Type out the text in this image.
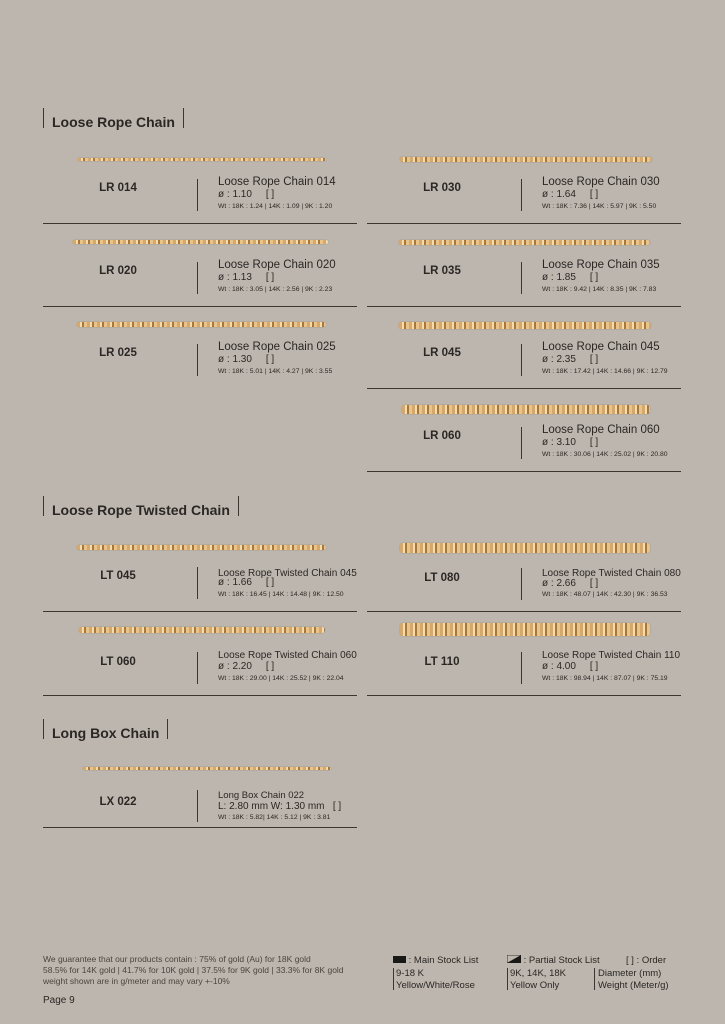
Loose Rope Chain
Loose Rope Twisted Chain
Long Box Chain
LR 014	Loose Rope Chain 014
ø : 1.10 [ ]
Wt : 18K : 1.24 | 14K : 1.09 | 9K : 1.20
LR 030	Loose Rope Chain 030
ø : 1.64 [ ]
Wt : 18K : 7.36 | 14K : 5.97 | 9K : 5.50
LR 020	Loose Rope Chain 020
ø : 1.13 [ ]
Wt : 18K : 3.05 | 14K : 2.56 | 9K : 2.23
LR 035	Loose Rope Chain 035
ø : 1.85 [ ]
Wt : 18K : 9.42 | 14K : 8.35 | 9K : 7.83
LR 025	Loose Rope Chain 025
ø : 1.30 [ ]
Wt : 18K : 5.01 | 14K : 4.27 | 9K : 3.55
LR 045	Loose Rope Chain 045
ø : 2.35 [ ]
Wt : 18K : 17.42 | 14K : 14.66 | 9K : 12.79
LR 060	Loose Rope Chain 060
ø : 3.10 [ ]
Wt : 18K : 30.06 | 14K : 25.02 | 9K : 20.80
LT 045	Loose Rope Twisted Chain 045
ø : 1.66 [ ]
Wt : 18K : 16.45 | 14K : 14.48 | 9K : 12.50
LT 080	Loose Rope Twisted Chain 080
ø : 2.66 [ ]
Wt : 18K : 48.07 | 14K : 42.30 | 9K : 36.53
LT 060
Loose Rope Twisted Chain 060
ø : 2.20 [ ]
Wt : 18K : 29.00 | 14K : 25.52 | 9K : 22.04
LT 110
Loose Rope Twisted Chain 110
ø : 4.00 [ ]
Wt : 18K : 98.94 | 14K : 87.07 | 9K : 75.19
LX 022
Long Box Chain 022
L: 2.80 mm W: 1.30 mm [ ]
Wt : 18K : 5.82| 14K : 5.12 | 9K : 3.81
We guarantee that our products contain : 75% of gold (Au) for 18K gold
58.5% for 14K gold | 41.7% for 10K gold | 37.5% for 9K gold | 33.3% for 8K gold
weight shown are in g/meter and may vary +-10%
Page 9
: Main Stock List	: Partial Stock List	[ ] : Order
9-18 K
Yellow/White/Rose
9K, 14K, 18K
Yellow Only
Diameter (mm)
Weight (Meter/g)
